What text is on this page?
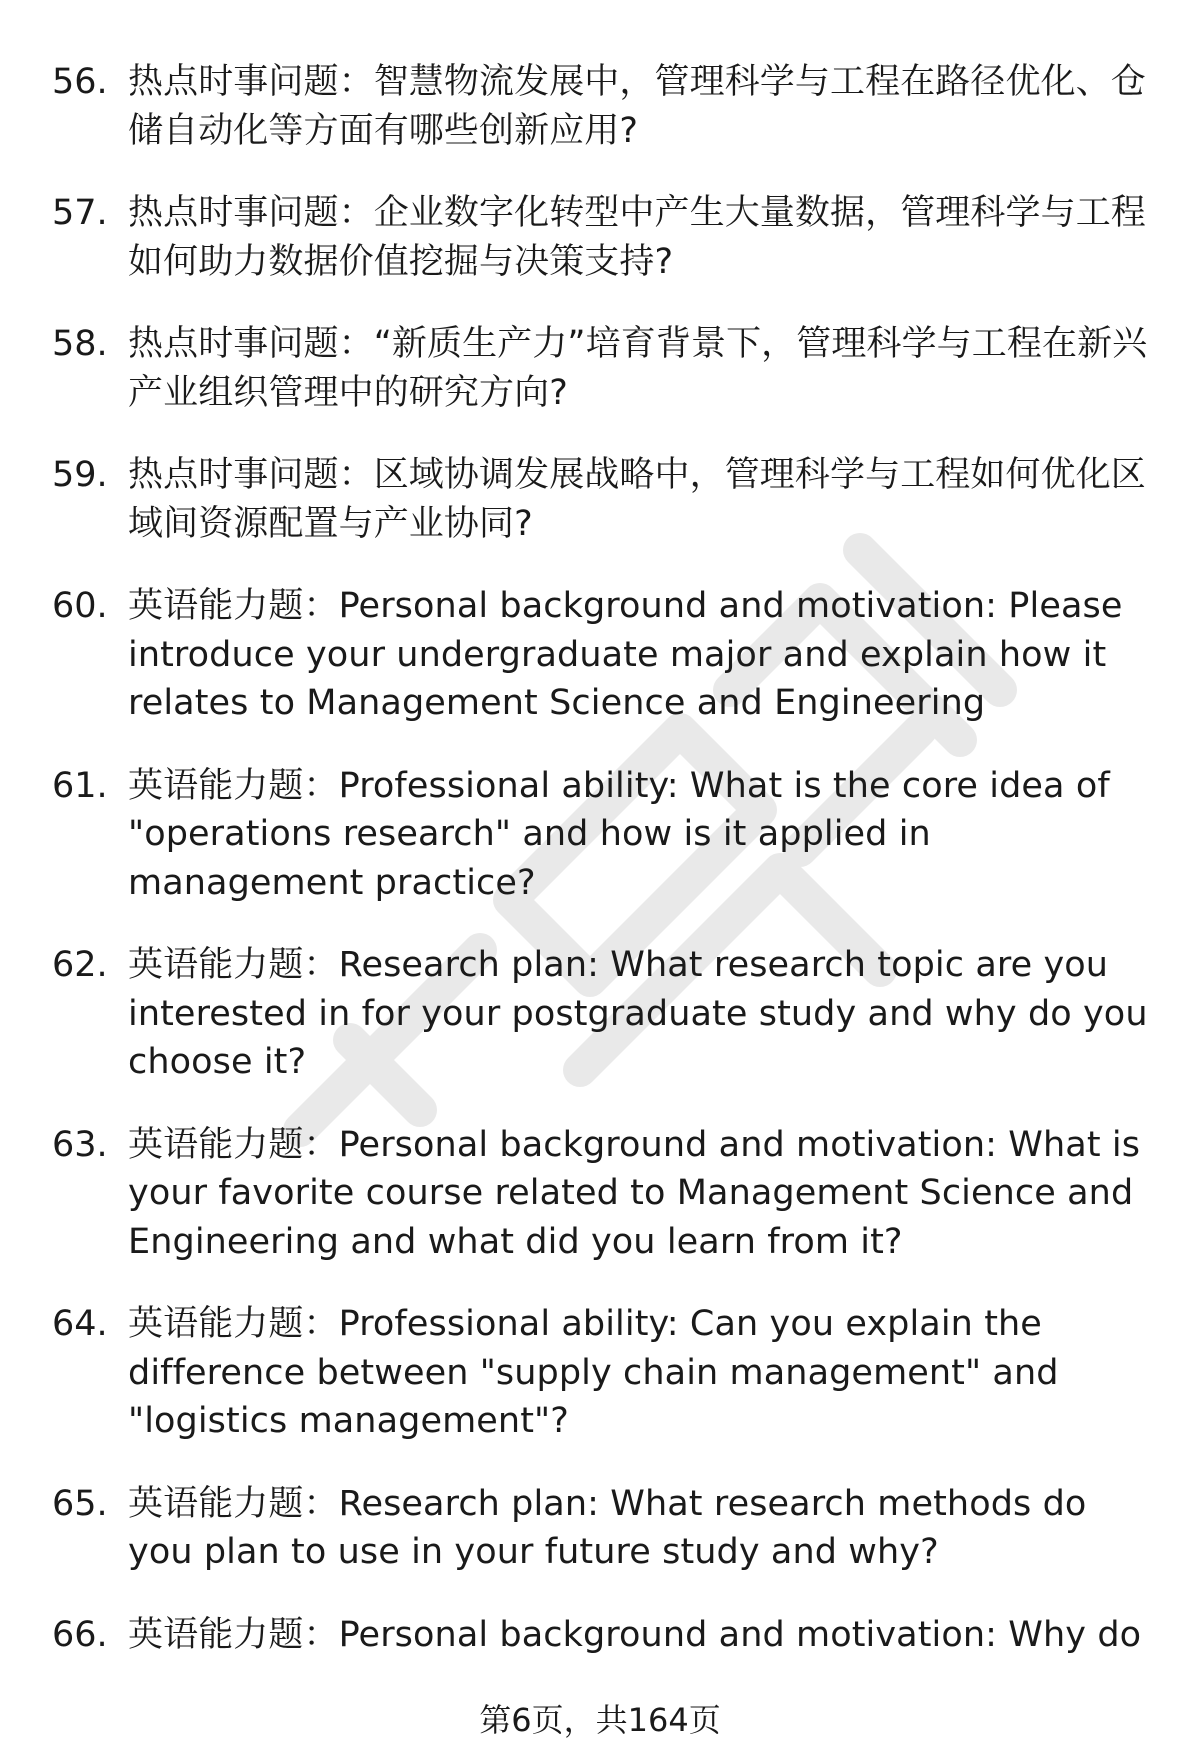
56. 热点时事问题：智慧物流发展中，管理科学与工程在路径优化、仓储自动化等方面有哪些创新应用?
57. 热点时事问题：企业数字化转型中产生大量数据，管理科学与工程如何助力数据价值挖掘与决策支持?
58. 热点时事问题：“新质生产力”培育背景下，管理科学与工程在新兴产业组织管理中的研究方向?
59. 热点时事问题：区域协调发展战略中，管理科学与工程如何优化区域间资源配置与产业协同?
60. 英语能力题：Personal background and motivation: Please introduce your undergraduate major and explain how it relates to Management Science and Engineering
61. 英语能力题：Professional ability: What is the core idea of "operations research" and how is it applied in management practice?
62. 英语能力题：Research plan: What research topic are you interested in for your postgraduate study and why do you choose it?
63. 英语能力题：Personal background and motivation: What is your favorite course related to Management Science and Engineering and what did you learn from it?
64. 英语能力题：Professional ability: Can you explain the difference between "supply chain management" and "logistics management"?
65. 英语能力题：Research plan: What research methods do you plan to use in your future study and why?
66. 英语能力题：Personal background and motivation: Why do
第6页，共164页
